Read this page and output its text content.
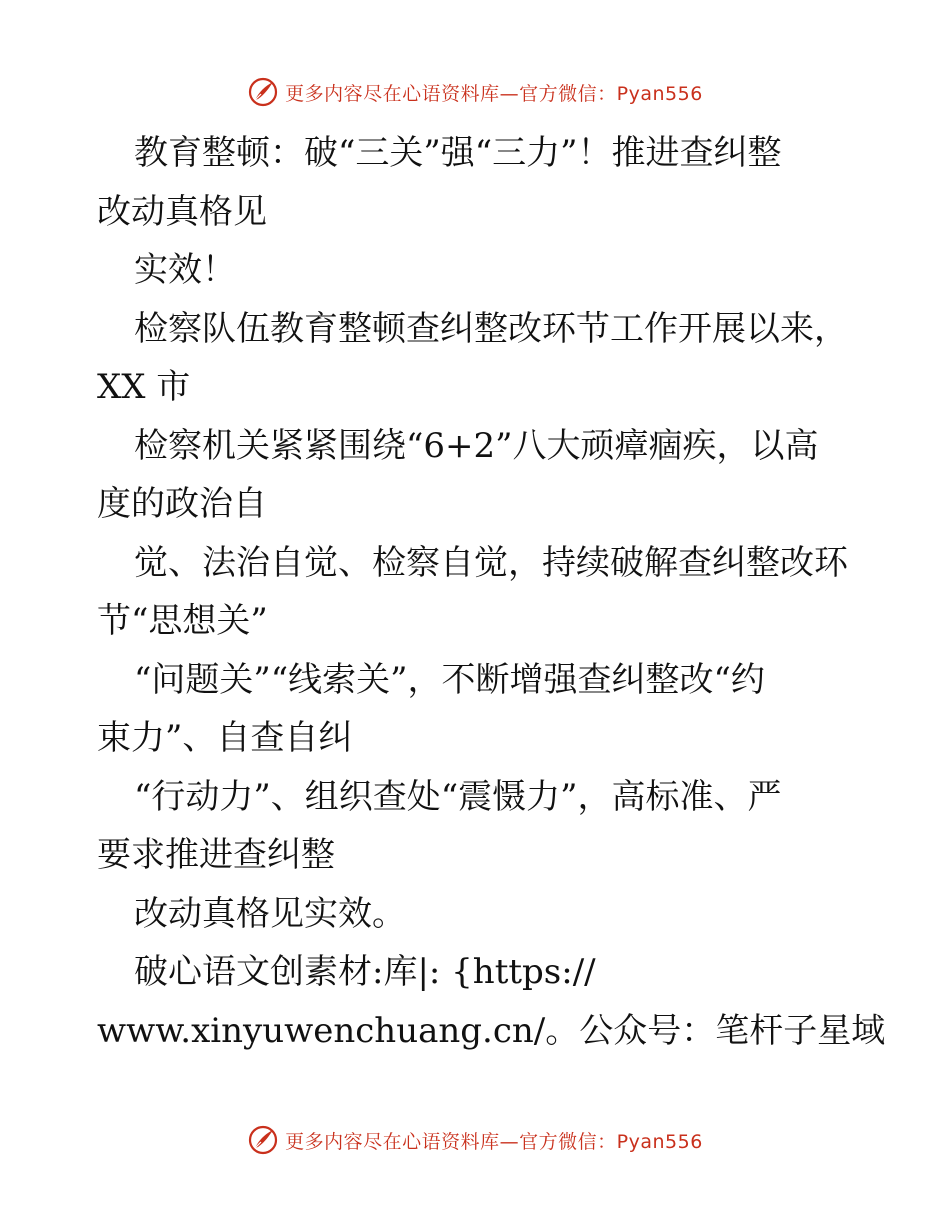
更多内容尽在心语资料库—官方微信：Pyan556
教育整顿：破“三关”强“三力”！推进查纠整
改动真格见
实效！
检察队伍教育整顿查纠整改环节工作开展以来，
XX 市
检察机关紧紧围绕“6+2”八大顽瘴痼疾，以高
度的政治自
觉、法治自觉、检察自觉，持续破解查纠整改环
节“思想关”
“问题关”“线索关”，不断增强查纠整改“约
束力”、自查自纠
“行动力”、组织查处“震慑力”，高标准、严
要求推进查纠整
改动真格见实效。
破心语文创素材:库|: {https://
www.xinyuwenchuang.cn/。公众号：笔杆子星域
更多内容尽在心语资料库—官方微信：Pyan556
